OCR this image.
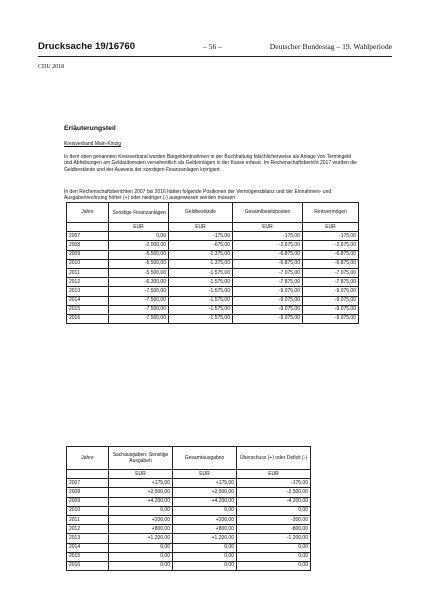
Drucksache 19/16760	– 56 –	Deutscher Bundestag – 19. Wahlperiode
CDU 2018
Erläuterungsteil
Kreisverband Main-Kinzig

In dem oben genannten Kreisverband wurden Bargeldentnahmen in der Buchhaltung fälschlicherweise als Anlage von Termingeld und Abhebungen am Geldautomaten versehentlich als Geldeinlagen in der Kasse erfasst. Im Rechenschaftsbericht 2017 wurden die Geldbestände und der Ausweis der sonstigen Finanzanlagen korrigiert.

In den Rechenschaftsberichten 2007 bis 2016 hätten folgende Positionen der Vermögensbilanz und der Einnahmen- und Ausgabenrechnung höher (+) oder niedriger (-) ausgewiesen werden müssen:

Jahre	Sonstige Finanzanlagen	Geldbestände	Gesamtbesitzposten	Reinvermögen
	EUR	EUR	EUR	EUR
2007	0,00	-175,00	-175,00	-175,00
2008	-2.000,00	-675,00	-2.675,00	-2.675,00
2009	-5.500,00	-1.375,00	-6.875,00	-6.875,00
2010	-5.500,00	-1.375,00	-6.875,00	-6.875,00
2011	-5.500,00	-1.575,00	-7.075,00	-7.075,00
2012	-6.300,00	-1.575,00	-7.875,00	-7.875,00
2013	-7.500,00	-1.575,00	-9.075,00	-9.075,00
2014	-7.500,00	-1.575,00	-9.075,00	-9.075,00
2015	-7.500,00	-1.575,00	-9.075,00	-9.075,00
2016	-7.500,00	-1.575,00	-9.075,00	-9.075,00
Jahre	Sachausgaben: Sonstige Ausgaben	Gesamtausgaben	Überschuss (+) oder Defizit (-)
	EUR	EUR	EUR
2007	+175,00	+175,00	-175,00
2008	+2.500,00	+2.500,00	-2.500,00
2009	+4.200,00	+4.200,00	-4.200,00
2010	0,00	0,00	0,00
2011	+200,00	+200,00	-200,00
2012	+800,00	+800,00	-800,00
2013	+1.200,00	+1.200,00	-1.200,00
2014	0,00	0,00	0,00
2015	0,00	0,00	0,00
2016	0,00	0,00	0,00
